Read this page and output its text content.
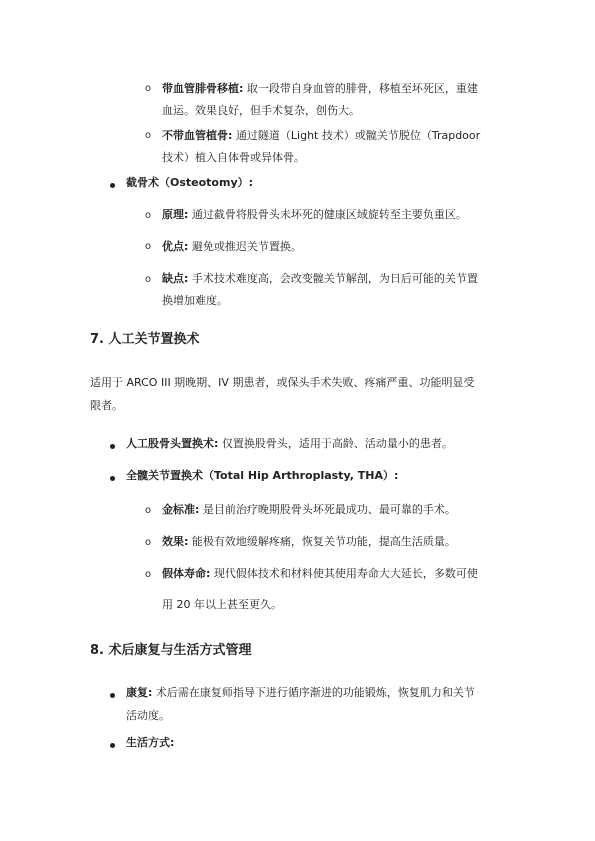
o 带血管腓骨移植: 取一段带自身血管的腓骨，移植至坏死区，重建
血运。效果良好，但手术复杂，创伤大。
o 不带血管植骨: 通过隧道（Light 技术）或髋关节脱位（Trapdoor
技术）植入自体骨或异体骨。
截骨术（Osteotomy）:
o 原理: 通过截骨将股骨头未坏死的健康区域旋转至主要负重区。
o 优点: 避免或推迟关节置换。
o 缺点: 手术技术难度高，会改变髋关节解剖，为日后可能的关节置
换增加难度。
7. 人工关节置换术
适用于 ARCO III 期晚期、IV 期患者，或保头手术失败、疼痛严重、功能明显受
限者。
人工股骨头置换术: 仅置换股骨头，适用于高龄、活动量小的患者。
全髋关节置换术（Total Hip Arthroplasty, THA）:
o 金标准: 是目前治疗晚期股骨头坏死最成功、最可靠的手术。
o 效果: 能极有效地缓解疼痛，恢复关节功能，提高生活质量。
o 假体寿命: 现代假体技术和材料使其使用寿命大大延长，多数可使
用 20 年以上甚至更久。
8. 术后康复与生活方式管理
康复: 术后需在康复师指导下进行循序渐进的功能锻炼，恢复肌力和关节
活动度。
生活方式:
